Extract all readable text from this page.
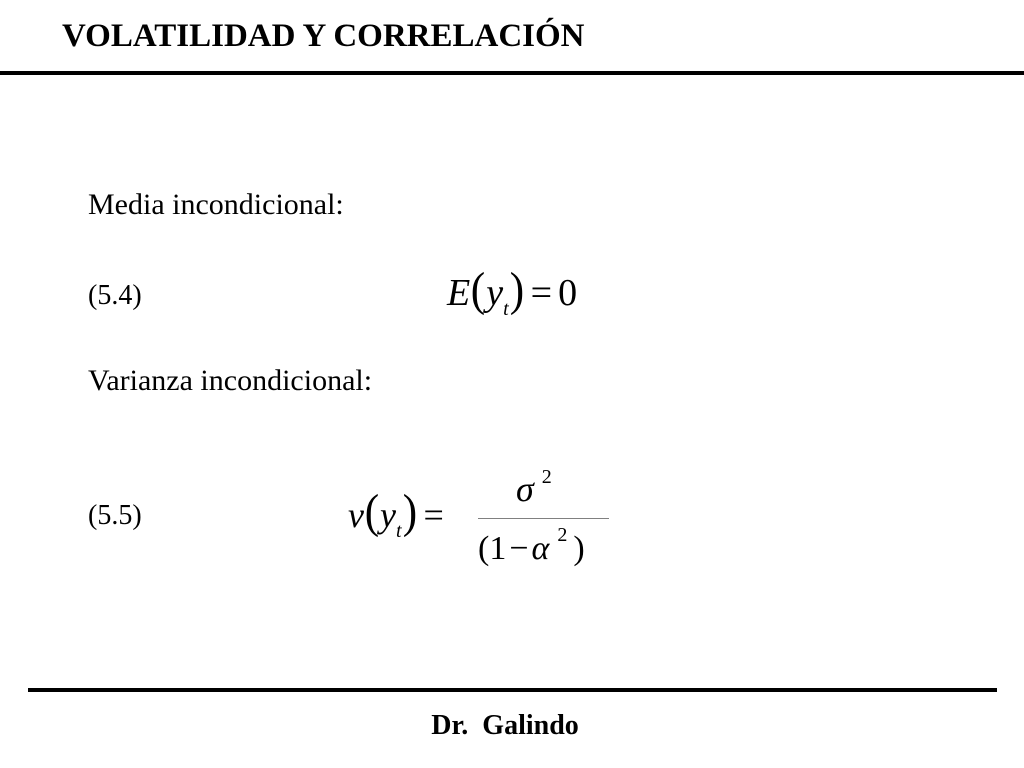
VOLATILIDAD Y CORRELACIÓN
Media incondicional:
(5.4)	$E(y_t) = 0$
Varianza incondicional:
(5.5)	$v(y_t)$ =
σ $^2$
(1−α $^2$ )
Dr.  Galindo
